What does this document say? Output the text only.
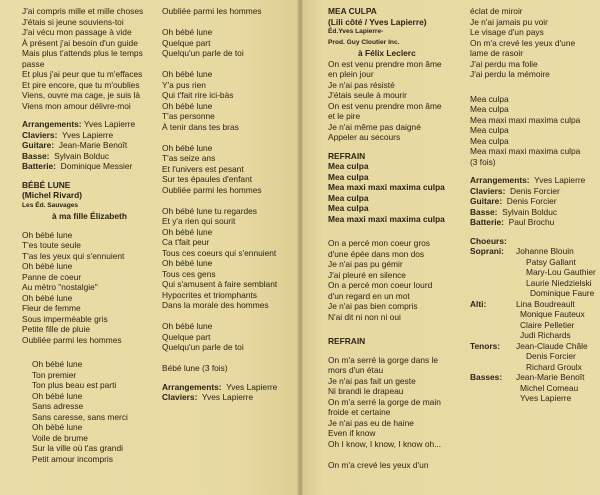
J'ai compris mille et mille choses
J'étais si jeune souviens-toi
J'ai vécu mon passage à vide
À présent j'ai besoin d'un guide
Mais plus t'attends plus le temps
passe
Et plus j'ai peur que tu m'effaces
Et pire encore, que tu m'oublies
Viens, ouvre ma cage, je suis là
Viens mon amour délivre-moi
Arrangements:
Yves Lapierre
Claviers: Yves Lapierre
Guitare: Jean-Marie Benoît
Basse: Sylvain Bolduc
Batterie: Dominique Messier
BÉBÉ LUNE
(Michel Rivard)
Les Éd. Sauvages
à ma fille Élizabeth
Oh bébé lune
T'es toute seule
T'as les yeux qui s'ennuient
Oh bébé lune
Panne de coeur
Au métro "nostalgie"
Oh bébé lune
Fleur de femme
Sous imperméable gris
Petite fille de pluie
Oubliée parmi les hommes
Oh bébé lune
Ton premier
Ton plus beau est parti
Oh bébé lune
Sans adresse
Sans caresse, sans merci
Oh bébé lune
Voile de brume
Sur la ville où t'as grandi
Petit amour incompris
Oubliée parmi les hommes
Oh bébé lune
Quelque part
Quelqu'un parle de toi
Oh bébé lune
Y'a pus rien
Qui t'fait rire ici-bàs
Oh bébé lune
T'as personne
À tenir dans tes bras
Oh bébé lune
T'as seize ans
Et l'univers est pesant
Sur tes épaules d'enfant
Oubliée parmi les hommes
Oh bébé lune tu regardes
Et y'a rien qui sourit
Oh bébé lune
Ca t'fait peur
Tous ces coeurs qui s'ennuient
Oh bébé lune
Tous ces gens
Qui s'amusent à faire semblant
Hypocrites et triomphants
Dans la morale des hommes
Oh bébé lune
Quelque part
Quelqu'un parle de toi
Bébé lune (3 fois)
Arrangements: Yves Lapierre
Claviers: Yves Lapierre
MEA CULPA
(Lili côté / Yves Lapierre)
Éd.Yves Lapierre-
Prod. Guy Cloutier Inc.
à Félix Leclerc
On est venu prendre mon âme
en plein jour
Je n'ai pas résisté
J'étais seule à mourir
On est venu prendre mon âme
et le pire
Je n'ai même pas daigné
Appeler au secours
REFRAIN
Mea culpa
Mea culpa
Mea maxi maxi maxima culpa
Mea culpa
Mea culpa
Mea maxi maxi maxima culpa
On a percé mon coeur gros
d'une épée dans mon dos
Je n'ai pas pu gémir
J'ai pleuré en silence
On a percé mon coeur lourd
d'un regard en un mot
Je n'ai pas bien compris
N'ai dit ni non ni oui
REFRAIN
On m'a serré la gorge dans le
mors d'un étau
Je n'ai pas fait un geste
Ni brandi le drapeau
On m'a serré la gorge de main
froide et certaine
Je n'ai pas eu de haine
Even if know
Oh I know, I know, I know oh...
On m'a crevé les yeux d'un
éclat de miroir
Je n'ai jamais pu voir
Le visage d'un pays
On m'a crevé les yeux d'une
lame de rasoir
J'ai perdu ma folie
J'ai perdu la mémoire
Mea culpa
Mea culpa
Mea maxi maxi maxima culpa
Mea culpa
Mea culpa
Mea maxi maxi maxima culpa
(3 fois)
Arrangements: Yves Lapierre
Claviers: Denis Forcier
Guitare: Denis Forcier
Basse: Sylvain Bolduc
Batterie: Paul Brochu
Choeurs:
Soprani:	Johanne Blouin
Patsy Gallant
Mary-Lou Gauthier
Laurie Niedzielski
Dominique Faure
Alti:	Lina Boudreault
Monique Fauteux
Claire Pelletier
Judi Richards
Tenors:	Jean-Claude Châle
Denis Forcier
Richard Groulx
Basses:	Jean-Marie Benoît
Michel Comeau
Yves Lapierre
